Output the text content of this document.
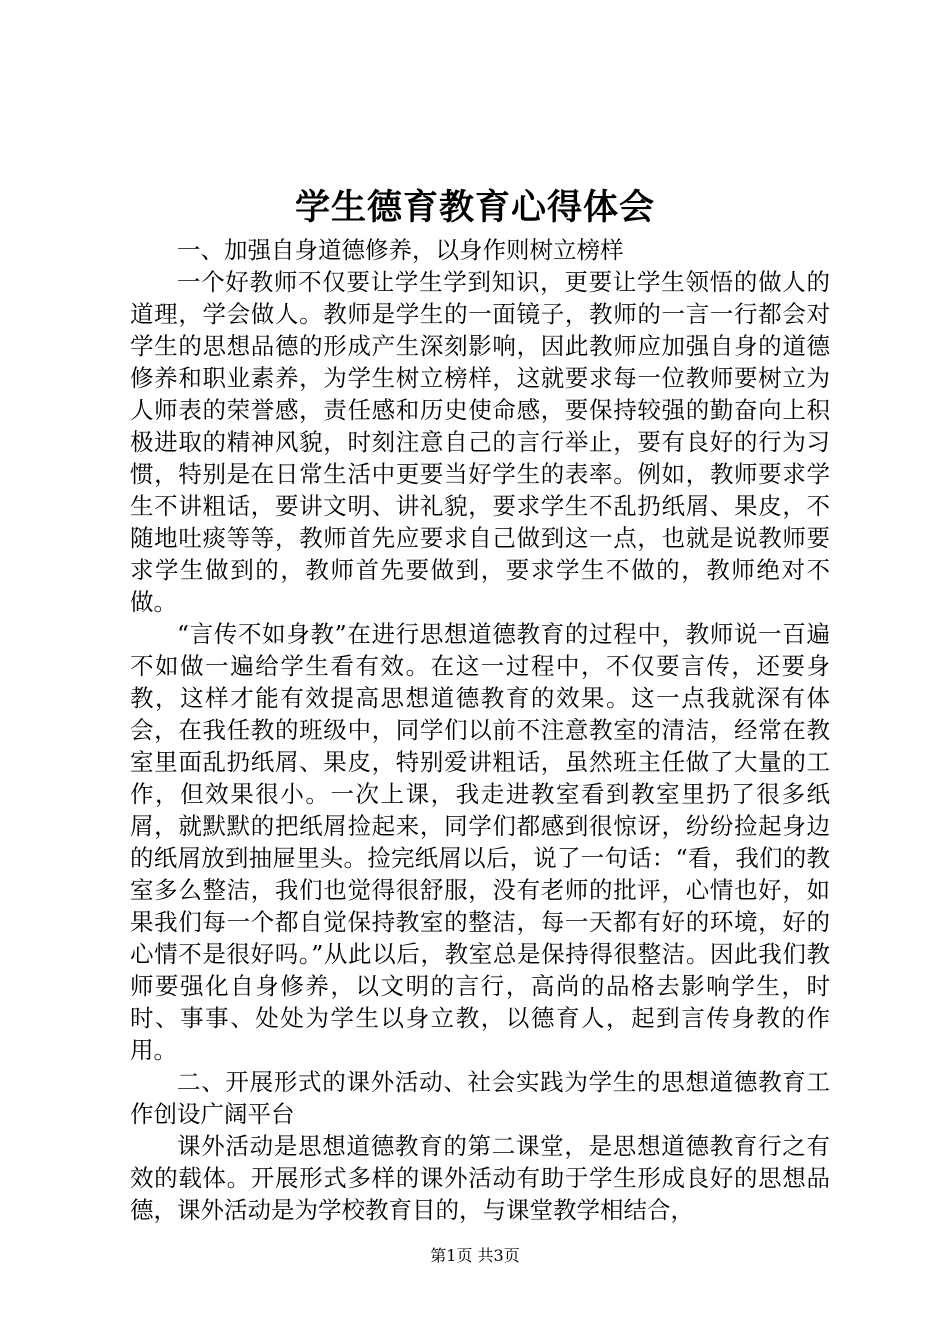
学生德育教育心得体会

一、加强自身道德修养，以身作则树立榜样

一个好教师不仅要让学生学到知识，更要让学生领悟的做人的道理，学会做人。教师是学生的一面镜子，教师的一言一行都会对学生的思想品德的形成产生深刻影响，因此教师应加强自身的道德修养和职业素养，为学生树立榜样，这就要求每一位教师要树立为人师表的荣誉感，责任感和历史使命感，要保持较强的勤奋向上积极进取的精神风貌，时刻注意自己的言行举止，要有良好的行为习惯，特别是在日常生活中更要当好学生的表率。例如，教师要求学生不讲粗话，要讲文明、讲礼貌，要求学生不乱扔纸屑、果皮，不随地吐痰等等，教师首先应要求自己做到这一点，也就是说教师要求学生做到的，教师首先要做到，要求学生不做的，教师绝对不做。

“言传不如身教”在进行思想道德教育的过程中，教师说一百遍不如做一遍给学生看有效。在这一过程中，不仅要言传，还要身教，这样才能有效提高思想道德教育的效果。这一点我就深有体会，在我任教的班级中，同学们以前不注意教室的清洁，经常在教室里面乱扔纸屑、果皮，特别爱讲粗话，虽然班主任做了大量的工作，但效果很小。一次上课，我走进教室看到教室里扔了很多纸屑，就默默的把纸屑捡起来，同学们都感到很惊讶，纷纷捡起身边的纸屑放到抽屉里头。捡完纸屑以后，说了一句话：“看，我们的教室多么整洁，我们也觉得很舒服，没有老师的批评，心情也好，如果我们每一个都自觉保持教室的整洁，每一天都有好的环境，好的心情不是很好吗。”从此以后，教室总是保持得很整洁。因此我们教师要强化自身修养，以文明的言行，高尚的品格去影响学生，时时、事事、处处为学生以身立教，以德育人，起到言传身教的作用。

二、开展形式的课外活动、社会实践为学生的思想道德教育工作创设广阔平台

课外活动是思想道德教育的第二课堂，是思想道德教育行之有效的载体。开展形式多样的课外活动有助于学生形成良好的思想品德，课外活动是为学校教育目的，与课堂教学相结合，

第1页 共3页
